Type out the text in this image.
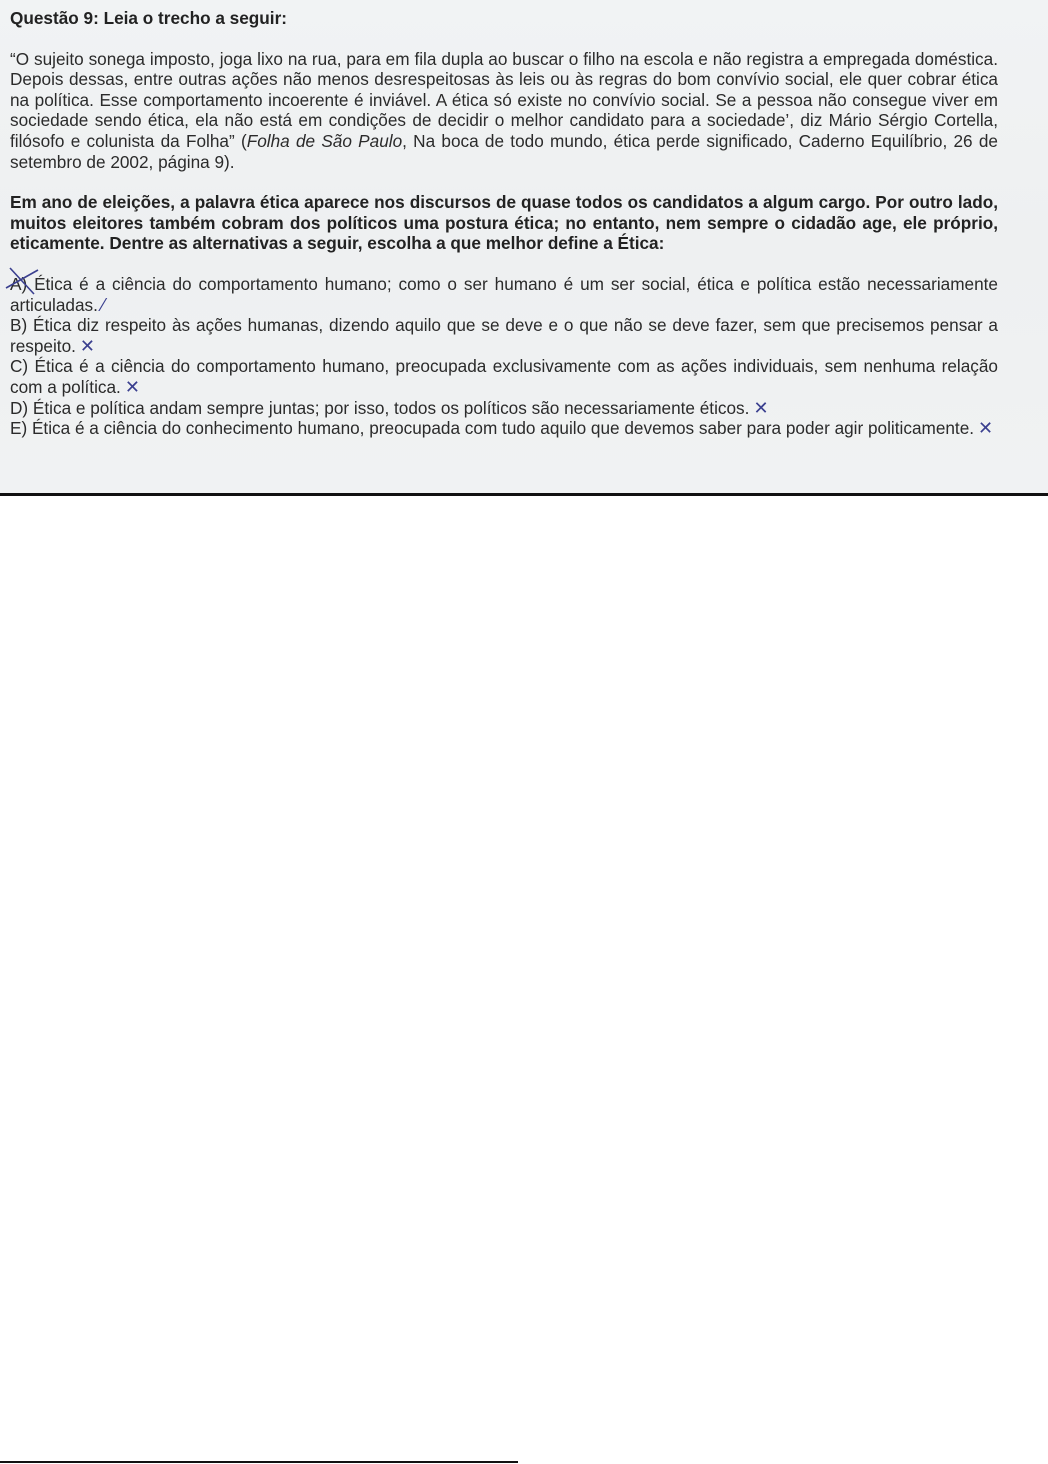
Questão 9: Leia o trecho a seguir:

“O sujeito sonega imposto, joga lixo na rua, para em fila dupla ao buscar o filho na escola e não registra a empregada doméstica. Depois dessas, entre outras ações não menos desrespeitosas às leis ou às regras do bom convívio social, ele quer cobrar ética na política. Esse comportamento incoerente é inviável. A ética só existe no convívio social. Se a pessoa não consegue viver em sociedade sendo ética, ela não está em condições de decidir o melhor candidato para a sociedade’, diz Mário Sérgio Cortella, filósofo e colunista da Folha” (Folha de São Paulo, Na boca de todo mundo, ética perde significado, Caderno Equilíbrio, 26 de setembro de 2002, página 9).

Em ano de eleições, a palavra ética aparece nos discursos de quase todos os candidatos a algum cargo. Por outro lado, muitos eleitores também cobram dos políticos uma postura ética; no entanto, nem sempre o cidadão age, ele próprio, eticamente. Dentre as alternativas a seguir, escolha a que melhor define a Ética:

A) Ética é a ciência do comportamento humano; como o ser humano é um ser social, ética e política estão necessariamente articuladas. ⁄

B) Ética diz respeito às ações humanas, dizendo aquilo que se deve e o que não se deve fazer, sem que precisemos pensar a respeito. ✕

C) Ética é a ciência do comportamento humano, preocupada exclusivamente com as ações individuais, sem nenhuma relação com a política. ✕

D) Ética e política andam sempre juntas; por isso, todos os políticos são necessariamente éticos. ✕

E) Ética é a ciência do conhecimento humano, preocupada com tudo aquilo que devemos saber para poder agir politicamente. ✕
